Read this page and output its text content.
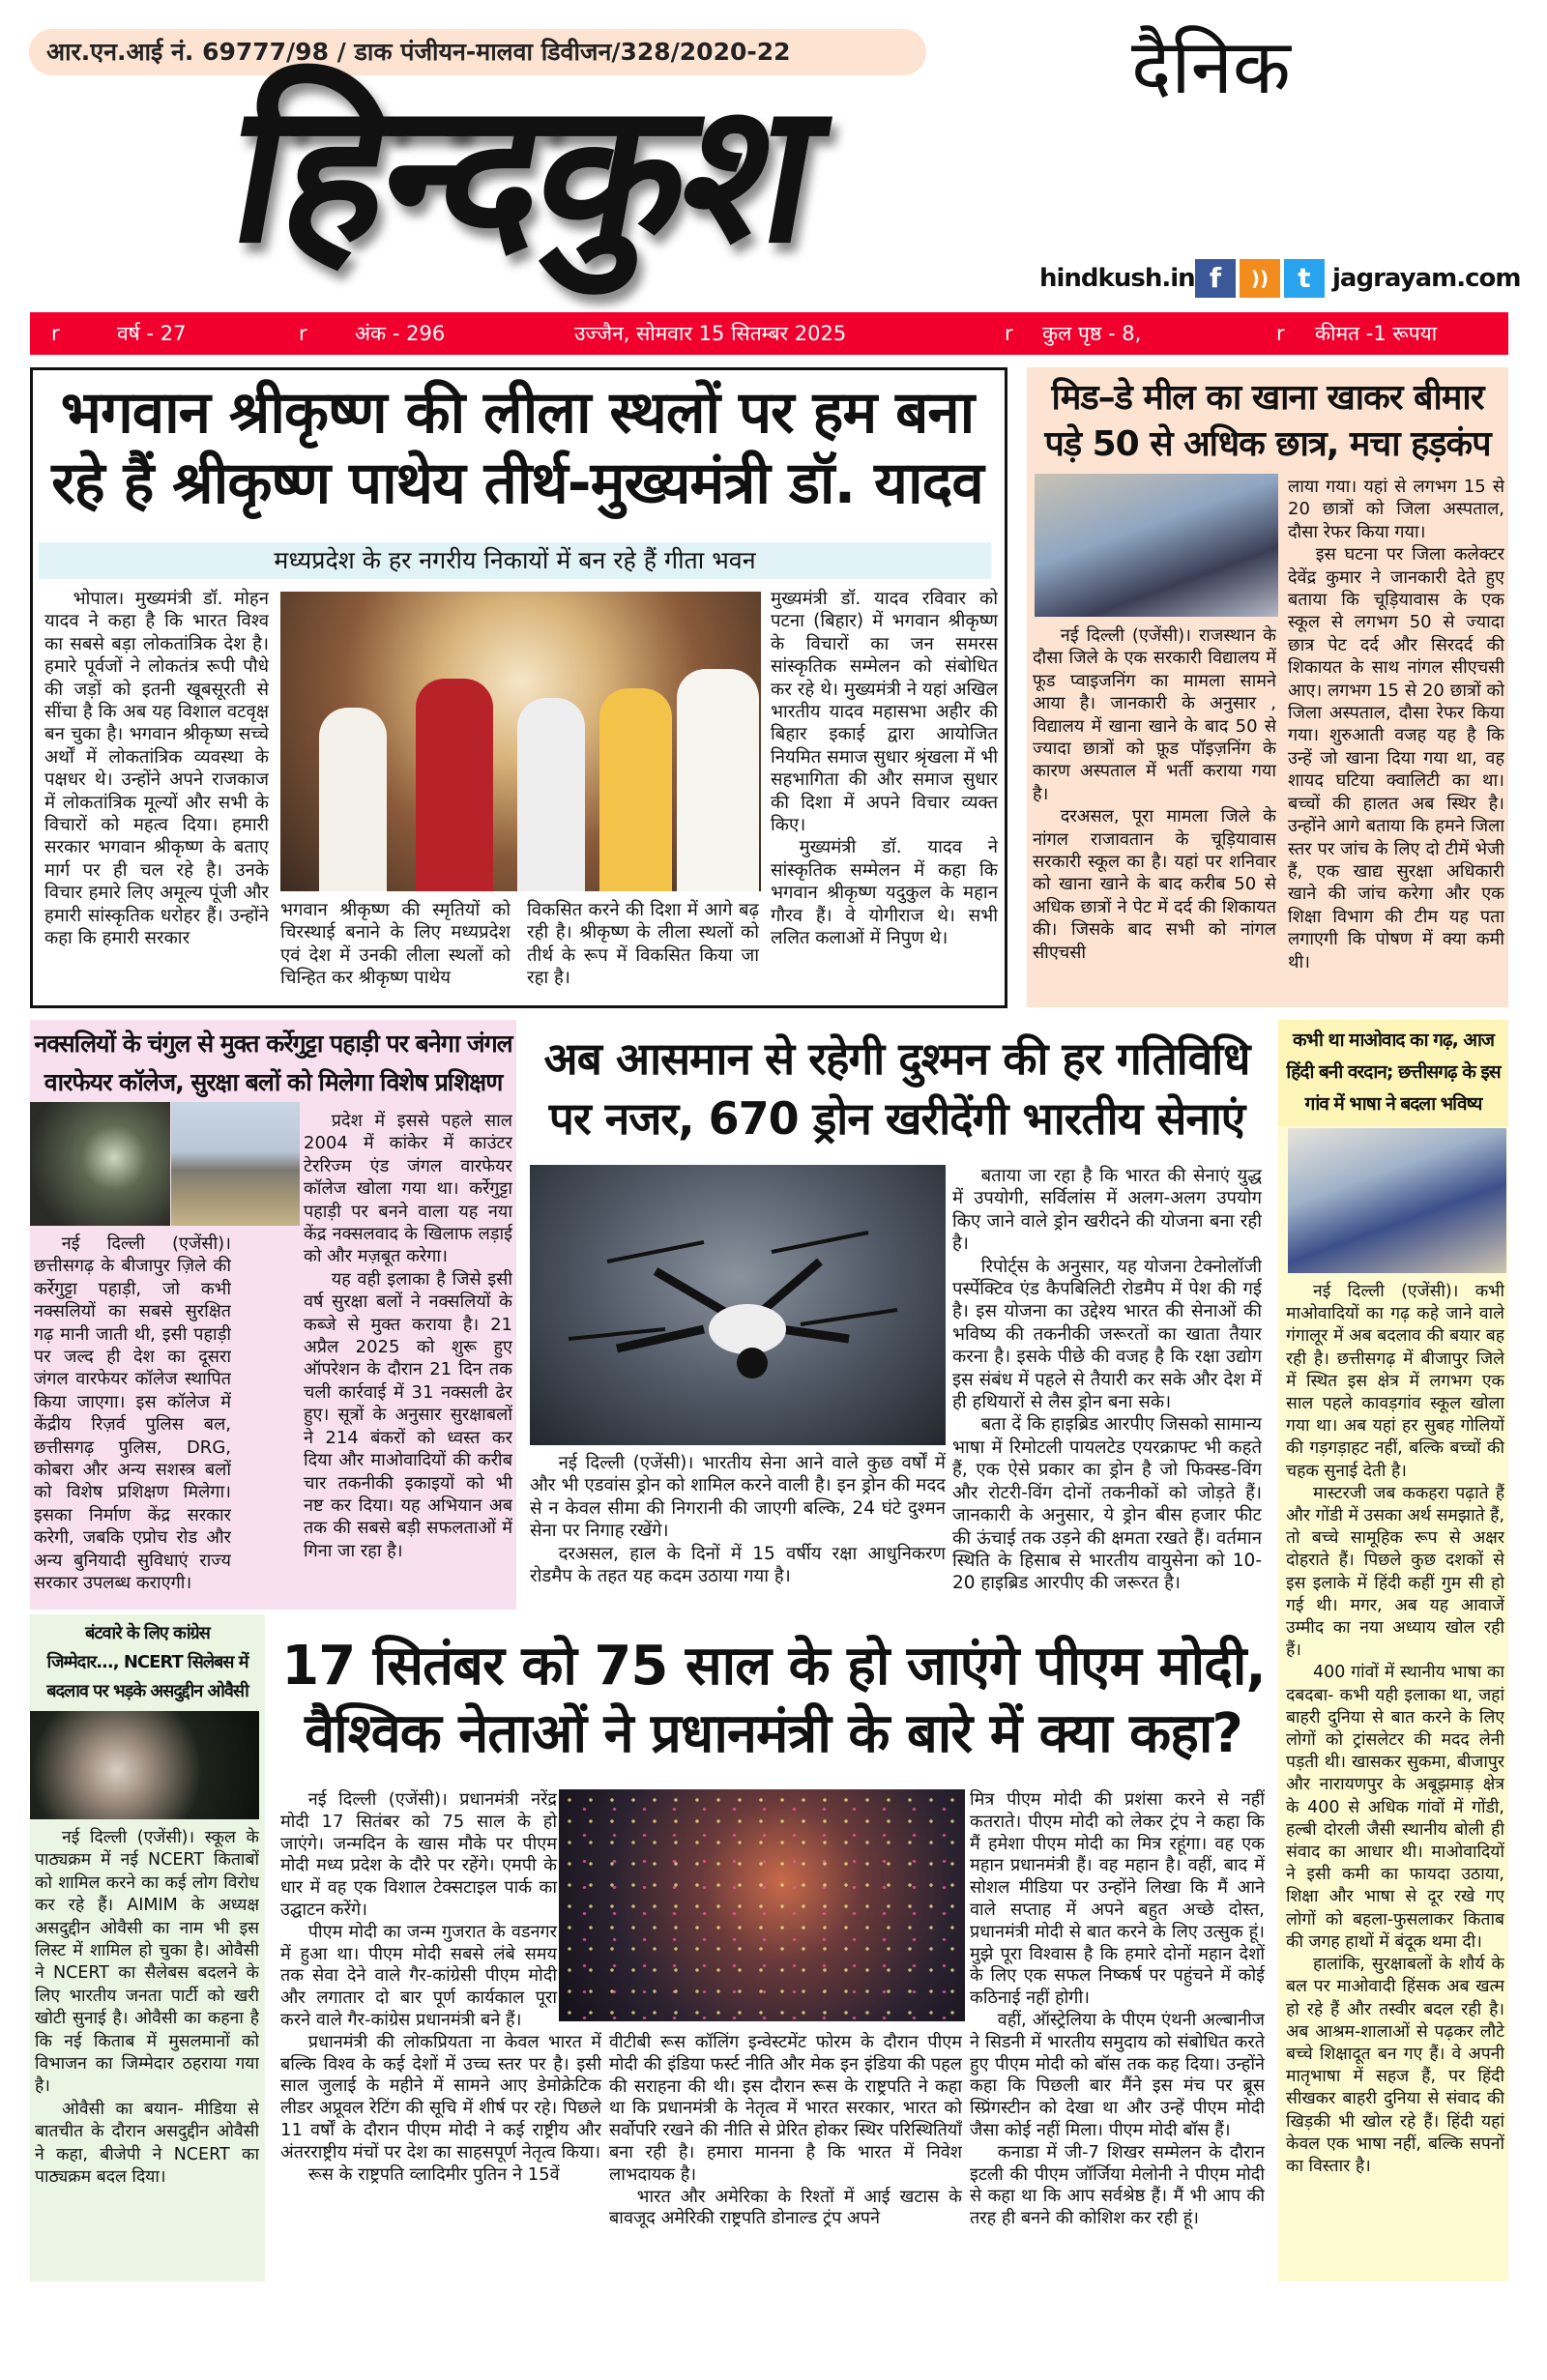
आर.एन.आई नं. 69777/98 / डाक पंजीयन-मालवा डिवीजन/328/2020-22	दैनिक
हिन्दकुश	hindkush.in f	))	t jagrayam.com
r	वर्ष - 27	r अंक - 296	उज्जैन, सोमवार 15 सितम्बर 2025	r कुल पृष्ठ - 8,	r कीमत -1 रूपया
भगवान श्रीकृष्ण की लीला स्थलों पर हम बना
रहे हैं श्रीकृष्ण पाथेय तीर्थ-मुख्यमंत्री डॉ. यादव
मध्यप्रदेश के हर नगरीय निकायों में बन रहे हैं गीता भवन

भोपाल। मुख्यमंत्री डॉ. मोहन यादव ने कहा है कि भारत विश्व का सबसे बड़ा लोकतांत्रिक देश है। हमारे पूर्वजों ने लोकतंत्र रूपी पौधे की जड़ों को इतनी खूबसूरती से सींचा है कि अब यह विशाल वटवृक्ष बन चुका है। भगवान श्रीकृष्ण सच्चे अर्थों में लोकतांत्रिक व्यवस्था के पक्षधर थे। उन्होंने अपने राजकाज में लोकतांत्रिक मूल्यों और सभी के विचारों को महत्व दिया। हमारी सरकार भगवान श्रीकृष्ण के बताए मार्ग पर ही चल रहे है। उनके विचार हमारे लिए अमूल्य पूंजी और हमारी सांस्कृतिक धरोहर हैं। उन्होंने कहा कि हमारी सरकार

भगवान श्रीकृष्ण की स्मृतियों को चिरस्थाई बनाने के लिए मध्यप्रदेश एवं देश में उनकी लीला स्थलों को चिन्हित कर श्रीकृष्ण पाथेय

विकसित करने की दिशा में आगे बढ़ रही है। श्रीकृष्ण के लीला स्थलों को तीर्थ के रूप में विकसित किया जा रहा है।

मुख्यमंत्री डॉ. यादव रविवार को पटना (बिहार) में भगवान श्रीकृष्ण के विचारों का जन समरस सांस्कृतिक सम्मेलन को संबोधित कर रहे थे। मुख्यमंत्री ने यहां अखिल भारतीय यादव महासभा अहीर की बिहार इकाई द्वारा आयोजित नियमित समाज सुधार श्रृंखला में भी सहभागिता की और समाज सुधार की दिशा में अपने विचार व्यक्त किए।

मुख्यमंत्री डॉ. यादव ने सांस्कृतिक सम्मेलन में कहा कि भगवान श्रीकृष्ण यदुकुल के महान गौरव हैं। वे योगीराज थे। सभी ललित कलाओं में निपुण थे।

मिड–डे मील का खाना खाकर बीमार
पड़े 50 से अधिक छात्र, मचा हड़कंप

नई दिल्ली (एजेंसी)। राजस्थान के दौसा जिले के एक सरकारी विद्यालय में फूड प्वाइजनिंग का मामला सामने आया है। जानकारी के अनुसार , विद्यालय में खाना खाने के बाद 50 से ज्यादा छात्रों को फ़ूड पॉइज़निंग के कारण अस्पताल में भर्ती कराया गया है।

दरअसल, पूरा मामला जिले के नांगल राजावतान के चूड़ियावास सरकारी स्कूल का है। यहां पर शनिवार को खाना खाने के बाद करीब 50 से अधिक छात्रों ने पेट में दर्द की शिकायत की। जिसके बाद सभी को नांगल सीएचसी

लाया गया। यहां से लगभग 15 से 20 छात्रों को जिला अस्पताल, दौसा रेफर किया गया।

इस घटना पर जिला कलेक्टर देवेंद्र कुमार ने जानकारी देते हुए बताया कि चूड़ियावास के एक स्कूल से लगभग 50 से ज्यादा छात्र पेट दर्द और सिरदर्द की शिकायत के साथ नांगल सीएचसी आए। लगभग 15 से 20 छात्रों को जिला अस्पताल, दौसा रेफर किया गया। शुरुआती वजह यह है कि उन्हें जो खाना दिया गया था, वह शायद घटिया क्वालिटी का था। बच्चों की हालत अब स्थिर है। उन्होंने आगे बताया कि हमने जिला स्तर पर जांच के लिए दो टीमें भेजी हैं, एक खाद्य सुरक्षा अधिकारी खाने की जांच करेगा और एक शिक्षा विभाग की टीम यह पता लगाएगी कि पोषण में क्या कमी थी।

नक्सलियों के चंगुल से मुक्त कर्रेगुट्टा पहाड़ी पर बनेगा जंगल
वारफेयर कॉलेज, सुरक्षा बलों को मिलेगा विशेष प्रशिक्षण

नई दिल्ली (एजेंसी)। छत्तीसगढ़ के बीजापुर ज़िले की कर्रेगुट्टा पहाड़ी, जो कभी नक्सलियों का सबसे सुरक्षित गढ़ मानी जाती थी, इसी पहाड़ी पर जल्द ही देश का दूसरा जंगल वारफेयर कॉलेज स्थापित किया जाएगा। इस कॉलेज में केंद्रीय रिज़र्व पुलिस बल, छत्तीसगढ़ पुलिस, DRG, कोबरा और अन्य सशस्त्र बलों को विशेष प्रशिक्षण मिलेगा। इसका निर्माण केंद्र सरकार करेगी, जबकि एप्रोच रोड और अन्य बुनियादी सुविधाएं राज्य सरकार उपलब्ध कराएगी।

प्रदेश में इससे पहले साल 2004 में कांकेर में काउंटर टेररिज्म एंड जंगल वारफेयर कॉलेज खोला गया था। कर्रेगुट्टा पहाड़ी पर बनने वाला यह नया केंद्र नक्सलवाद के खिलाफ लड़ाई को और मज़बूत करेगा।

यह वही इलाका है जिसे इसी वर्ष सुरक्षा बलों ने नक्सलियों के कब्जे से मुक्त कराया है। 21 अप्रैल 2025 को शुरू हुए ऑपरेशन के दौरान 21 दिन तक चली कार्रवाई में 31 नक्सली ढेर हुए। सूत्रों के अनुसार सुरक्षाबलों ने 214 बंकरों को ध्वस्त कर दिया और माओवादियों की करीब चार तकनीकी इकाइयों को भी नष्ट कर दिया। यह अभियान अब तक की सबसे बड़ी सफलताओं में गिना जा रहा है।

अब आसमान से रहेगी दुश्मन की हर गतिविधि
पर नजर, 670 ड्रोन खरीदेंगी भारतीय सेनाएं

नई दिल्ली (एजेंसी)। भारतीय सेना आने वाले कुछ वर्षों में और भी एडवांस ड्रोन को शामिल करने वाली है। इन ड्रोन की मदद से न केवल सीमा की निगरानी की जाएगी बल्कि, 24 घंटे दुश्मन सेना पर निगाह रखेंगे।

दरअसल, हाल के दिनों में 15 वर्षीय रक्षा आधुनिकरण रोडमैप के तहत यह कदम उठाया गया है।

बताया जा रहा है कि भारत की सेनाएं युद्ध में उपयोगी, सर्विलांस में अलग-अलग उपयोग किए जाने वाले ड्रोन खरीदने की योजना बना रही है।

रिपोर्ट्स के अनुसार, यह योजना टेक्नोलॉजी पर्स्पेक्टिव एंड कैपबिलिटी रोडमैप में पेश की गई है। इस योजना का उद्देश्य भारत की सेनाओं की भविष्य की तकनीकी जरूरतों का खाता तैयार करना है। इसके पीछे की वजह है कि रक्षा उद्योग इस संबंध में पहले से तैयारी कर सके और देश में ही हथियारों से लैस ड्रोन बना सके।

बता दें कि हाइब्रिड आरपीए जिसको सामान्य भाषा में रिमोटली पायलटेड एयरक्राफ्ट भी कहते हैं, एक ऐसे प्रकार का ड्रोन है जो फिक्स्ड-विंग और रोटरी-विंग दोनों तकनीकों को जोड़ते हैं। जानकारी के अनुसार, ये ड्रोन बीस हजार फीट की ऊंचाई तक उड़ने की क्षमता रखते हैं। वर्तमान स्थिति के हिसाब से भारतीय वायुसेना को 10-20 हाइब्रिड आरपीए की जरूरत है।

कभी था माओवाद का गढ़, आज
हिंदी बनी वरदान; छत्तीसगढ़ के इस
गांव में भाषा ने बदला भविष्य

नई दिल्ली (एजेंसी)। कभी माओवादियों का गढ़ कहे जाने वाले गंगालूर में अब बदलाव की बयार बह रही है। छत्तीसगढ़ में बीजापुर जिले में स्थित इस क्षेत्र में लगभग एक साल पहले कावड़गांव स्कूल खोला गया था। अब यहां हर सुबह गोलियों की गड़गड़ाहट नहीं, बल्कि बच्चों की चहक सुनाई देती है।

मास्टरजी जब ककहरा पढ़ाते हैं और गोंडी में उसका अर्थ समझाते हैं, तो बच्चे सामूहिक रूप से अक्षर दोहराते हैं। पिछले कुछ दशकों से इस इलाके में हिंदी कहीं गुम सी हो गई थी। मगर, अब यह आवाजें उम्मीद का नया अध्याय खोल रही हैं।

400 गांवों में स्थानीय भाषा का दबदबा- कभी यही इलाका था, जहां बाहरी दुनिया से बात करने के लिए लोगों को ट्रांसलेटर की मदद लेनी पड़ती थी। खासकर सुकमा, बीजापुर और नारायणपुर के अबूझमाड़ क्षेत्र के 400 से अधिक गांवों में गोंडी, हल्बी दोरली जैसी स्थानीय बोली ही संवाद का आधार थी। माओवादियों ने इसी कमी का फायदा उठाया, शिक्षा और भाषा से दूर रखे गए लोगों को बहला-फुसलाकर किताब की जगह हाथों में बंदूक थमा दी।

हालांकि, सुरक्षाबलों के शौर्य के बल पर माओवादी हिंसक अब खत्म हो रहे हैं और तस्वीर बदल रही है। अब आश्रम-शालाओं से पढ़कर लौटे बच्चे शिक्षादूत बन गए हैं। वे अपनी मातृभाषा में सहज हैं, पर हिंदी सीखकर बाहरी दुनिया से संवाद की खिड़की भी खोल रहे हैं। हिंदी यहां केवल एक भाषा नहीं, बल्कि सपनों का विस्तार है।

बंटवारे के लिए कांग्रेस
जिम्मेदार..., NCERT सिलेबस में
बदलाव पर भड़के असदुद्दीन ओवैसी

नई दिल्ली (एजेंसी)। स्कूल के पाठ्यक्रम में नई NCERT किताबों को शामिल करने का कई लोग विरोध कर रहे हैं। AIMIM के अध्यक्ष असदुद्दीन ओवैसी का नाम भी इस लिस्ट में शामिल हो चुका है। ओवैसी ने NCERT का सैलेबस बदलने के लिए भारतीय जनता पार्टी को खरी खोटी सुनाई है। ओवैसी का कहना है कि नई किताब में मुसलमानों को विभाजन का जिम्मेदार ठहराया गया है।

ओवैसी का बयान- मीडिया से बातचीत के दौरान असदुद्दीन ओवैसी ने कहा, बीजेपी ने NCERT का पाठ्यक्रम बदल दिया।

17 सितंबर को 75 साल के हो जाएंगे पीएम मोदी,
वैश्विक नेताओं ने प्रधानमंत्री के बारे में क्या कहा?

नई दिल्ली (एजेंसी)। प्रधानमंत्री नरेंद्र मोदी 17 सितंबर को 75 साल के हो जाएंगे। जन्मदिन के खास मौके पर पीएम मोदी मध्य प्रदेश के दौरे पर रहेंगे। एमपी के धार में वह एक विशाल टेक्सटाइल पार्क का उद्घाटन करेंगे।

पीएम मोदी का जन्म गुजरात के वडनगर में हुआ था। पीएम मोदी सबसे लंबे समय तक सेवा देने वाले गैर-कांग्रेसी पीएम मोदी और लगातार दो बार पूर्ण कार्यकाल पूरा करने वाले गैर-कांग्रेस प्रधानमंत्री बने हैं।

प्रधानमंत्री की लोकप्रियता ना केवल भारत में बल्कि विश्व के कई देशों में उच्च स्तर पर है। इसी साल जुलाई के महीने में सामने आए डेमोक्रेटिक लीडर अप्रूवल रेटिंग की सूचि में शीर्ष पर रहे। पिछले 11 वर्षों के दौरान पीएम मोदी ने कई राष्ट्रीय और अंतरराष्ट्रीय मंचों पर देश का साहसपूर्ण नेतृत्व किया।

रूस के राष्ट्रपति व्लादिमीर पुतिन ने 15वें

वीटीबी रूस कॉलिंग इन्वेस्टमेंट फोरम के दौरान पीएम मोदी की इंडिया फर्स्ट नीति और मेक इन इंडिया की पहल की सराहना की थी। इस दौरान रूस के राष्ट्रपति ने कहा था कि प्रधानमंत्री के नेतृत्व में भारत सरकार, भारत को सर्वोपरि रखने की नीति से प्रेरित होकर स्थिर परिस्थितियाँ बना रही है। हमारा मानना है कि भारत में निवेश लाभदायक है।

भारत और अमेरिका के रिश्तों में आई खटास के बावजूद अमेरिकी राष्ट्रपति डोनाल्ड ट्रंप अपने

मित्र पीएम मोदी की प्रशंसा करने से नहीं कतराते। पीएम मोदी को लेकर ट्रंप ने कहा कि मैं हमेशा पीएम मोदी का मित्र रहूंगा। वह एक महान प्रधानमंत्री हैं। वह महान है। वहीं, बाद में सोशल मीडिया पर उन्होंने लिखा कि मैं आने वाले सप्ताह में अपने बहुत अच्छे दोस्त, प्रधानमंत्री मोदी से बात करने के लिए उत्सुक हूं। मुझे पूरा विश्वास है कि हमारे दोनों महान देशों के लिए एक सफल निष्कर्ष पर पहुंचने में कोई कठिनाई नहीं होगी।

वहीं, ऑस्ट्रेलिया के पीएम एंथनी अल्बानीज ने सिडनी में भारतीय समुदाय को संबोधित करते हुए पीएम मोदी को बॉस तक कह दिया। उन्होंने कहा कि पिछली बार मैंने इस मंच पर ब्रूस स्प्रिंगस्टीन को देखा था और उन्हें पीएम मोदी जैसा कोई नहीं मिला। पीएम मोदी बॉस हैं।

कनाडा में जी-7 शिखर सम्मेलन के दौरान इटली की पीएम जॉर्जिया मेलोनी ने पीएम मोदी से कहा था कि आप सर्वश्रेष्ठ हैं। मैं भी आप की तरह ही बनने की कोशिश कर रही हूं।
